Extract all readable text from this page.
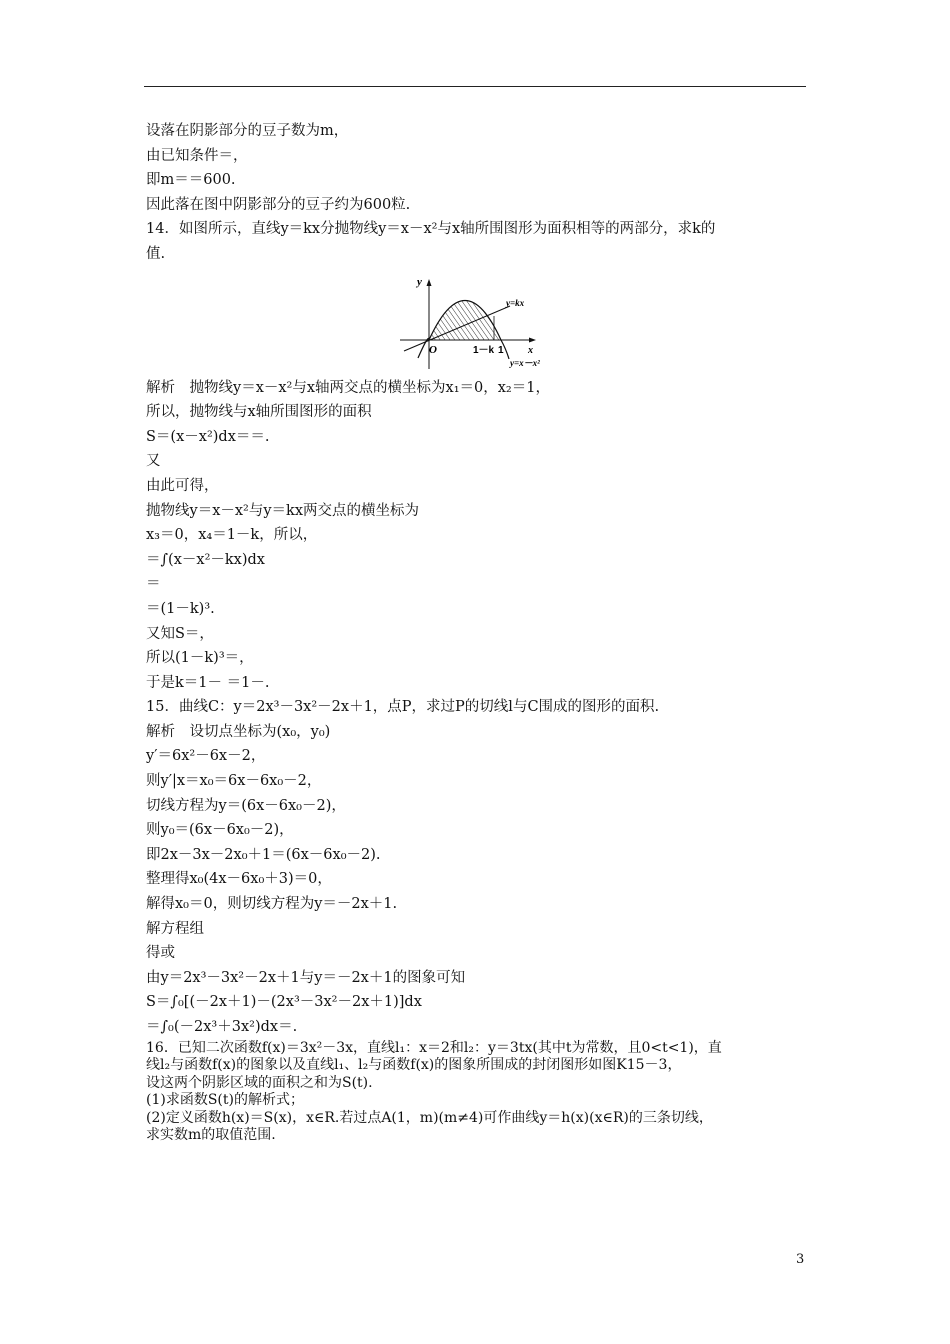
设落在阴影部分的豆子数为m，
由已知条件＝，
即m＝＝600.
因此落在图中阴影部分的豆子约为600粒.
14．如图所示，直线y＝kx分抛物线y＝x－x²与x轴所围图形为面积相等的两部分，求k的
值.
y
x
O	1－k 1
y=kx
y=x－x²
解析　抛物线y＝x－x²与x轴两交点的横坐标为x₁＝0，x₂＝1，
所以，抛物线与x轴所围图形的面积
S＝(x－x²)dx＝＝.
又
由此可得，
抛物线y＝x－x²与y＝kx两交点的横坐标为
x₃＝0，x₄＝1－k，所以，
＝∫(x－x²－kx)dx
＝
＝(1－k)³.
又知S＝，
所以(1－k)³＝，
于是k＝1－ ＝1－.
15．曲线C：y＝2x³－3x²－2x＋1，点P，求过P的切线l与C围成的图形的面积.
解析　设切点坐标为(x₀，y₀)
y′＝6x²－6x－2，
则y′|x＝x₀＝6x－6x₀－2，
切线方程为y＝(6x－6x₀－2)，
则y₀＝(6x－6x₀－2)，
即2x－3x－2x₀＋1＝(6x－6x₀－2).
整理得x₀(4x－6x₀＋3)＝0，
解得x₀＝0，则切线方程为y＝－2x＋1.
解方程组
得或
由y＝2x³－3x²－2x＋1与y＝－2x＋1的图象可知
S＝∫₀[(－2x＋1)－(2x³－3x²－2x＋1)]dx
＝∫₀(－2x³＋3x²)dx＝.
16．已知二次函数f(x)＝3x²－3x，直线l₁：x＝2和l₂：y＝3tx(其中t为常数，且0<t<1)，直
线l₂与函数f(x)的图象以及直线l₁、l₂与函数f(x)的图象所围成的封闭图形如图K15－3，
设这两个阴影区域的面积之和为S(t).
(1)求函数S(t)的解析式；
(2)定义函数h(x)＝S(x)，x∈R.若过点A(1，m)(m≠4)可作曲线y＝h(x)(x∈R)的三条切线，
求实数m的取值范围.
3
